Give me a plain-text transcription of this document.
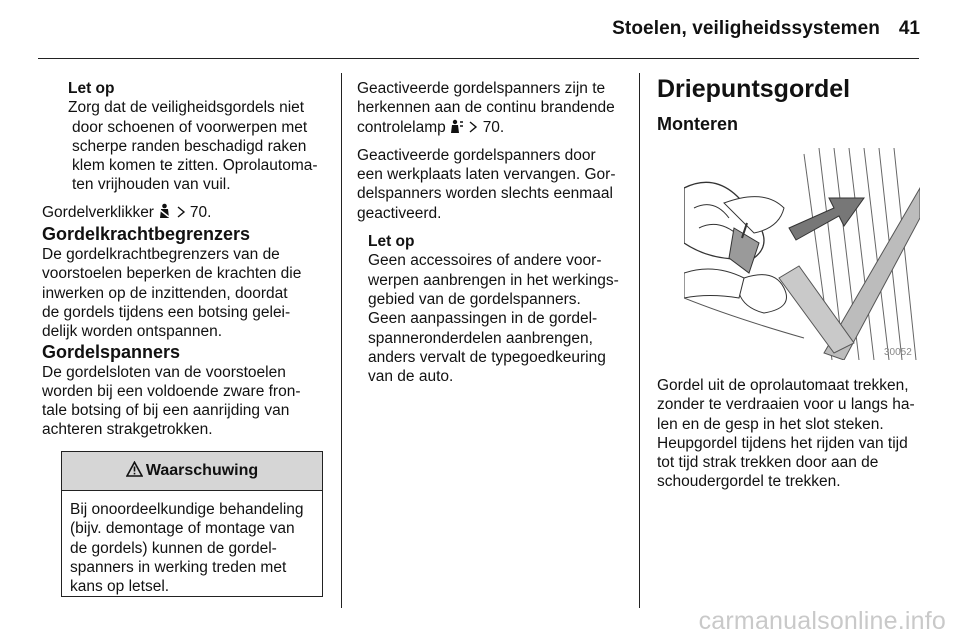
Stoelen, veiligheidssystemen 41

Let op

Zorg dat de veiligheidsgordels niet

door schoenen of voorwerpen met

scherpe randen beschadigd raken

klem komen te zitten. Oprolautoma-

ten vrijhouden van vuil.

Gordelverklikker 70.

Gordelkrachtbegrenzers

De gordelkrachtbegrenzers van de

voorstoelen beperken de krachten die

inwerken op de inzittenden, doordat

de gordels tijdens een botsing gelei-

delijk worden ontspannen.

Gordelspanners

De gordelsloten van de voorstoelen

worden bij een voldoende zware fron-

tale botsing of bij een aanrijding van

achteren strakgetrokken.

Waarschuwing

Bij onoordeelkundige behandeling

(bijv. demontage of montage van

de gordels) kunnen de gordel-

spanners in werking treden met

kans op letsel.

Geactiveerde gordelspanners zijn te

herkennen aan de continu brandende

controlelamp 70.

Geactiveerde gordelspanners door

een werkplaats laten vervangen. Gor-

delspanners worden slechts eenmaal

geactiveerd.

Let op

Geen accessoires of andere voor-

werpen aanbrengen in het werkings-

gebied van de gordelspanners.

Geen aanpassingen in de gordel-

spanneronderdelen aanbrengen,

anders vervalt de typegoedkeuring

van de auto.

Driepuntsgordel

Monteren

30052

Gordel uit de oprolautomaat trekken,

zonder te verdraaien voor u langs ha-

len en de gesp in het slot steken.

Heupgordel tijdens het rijden van tijd

tot tijd strak trekken door aan de

schoudergordel te trekken.

carmanualsonline.info
